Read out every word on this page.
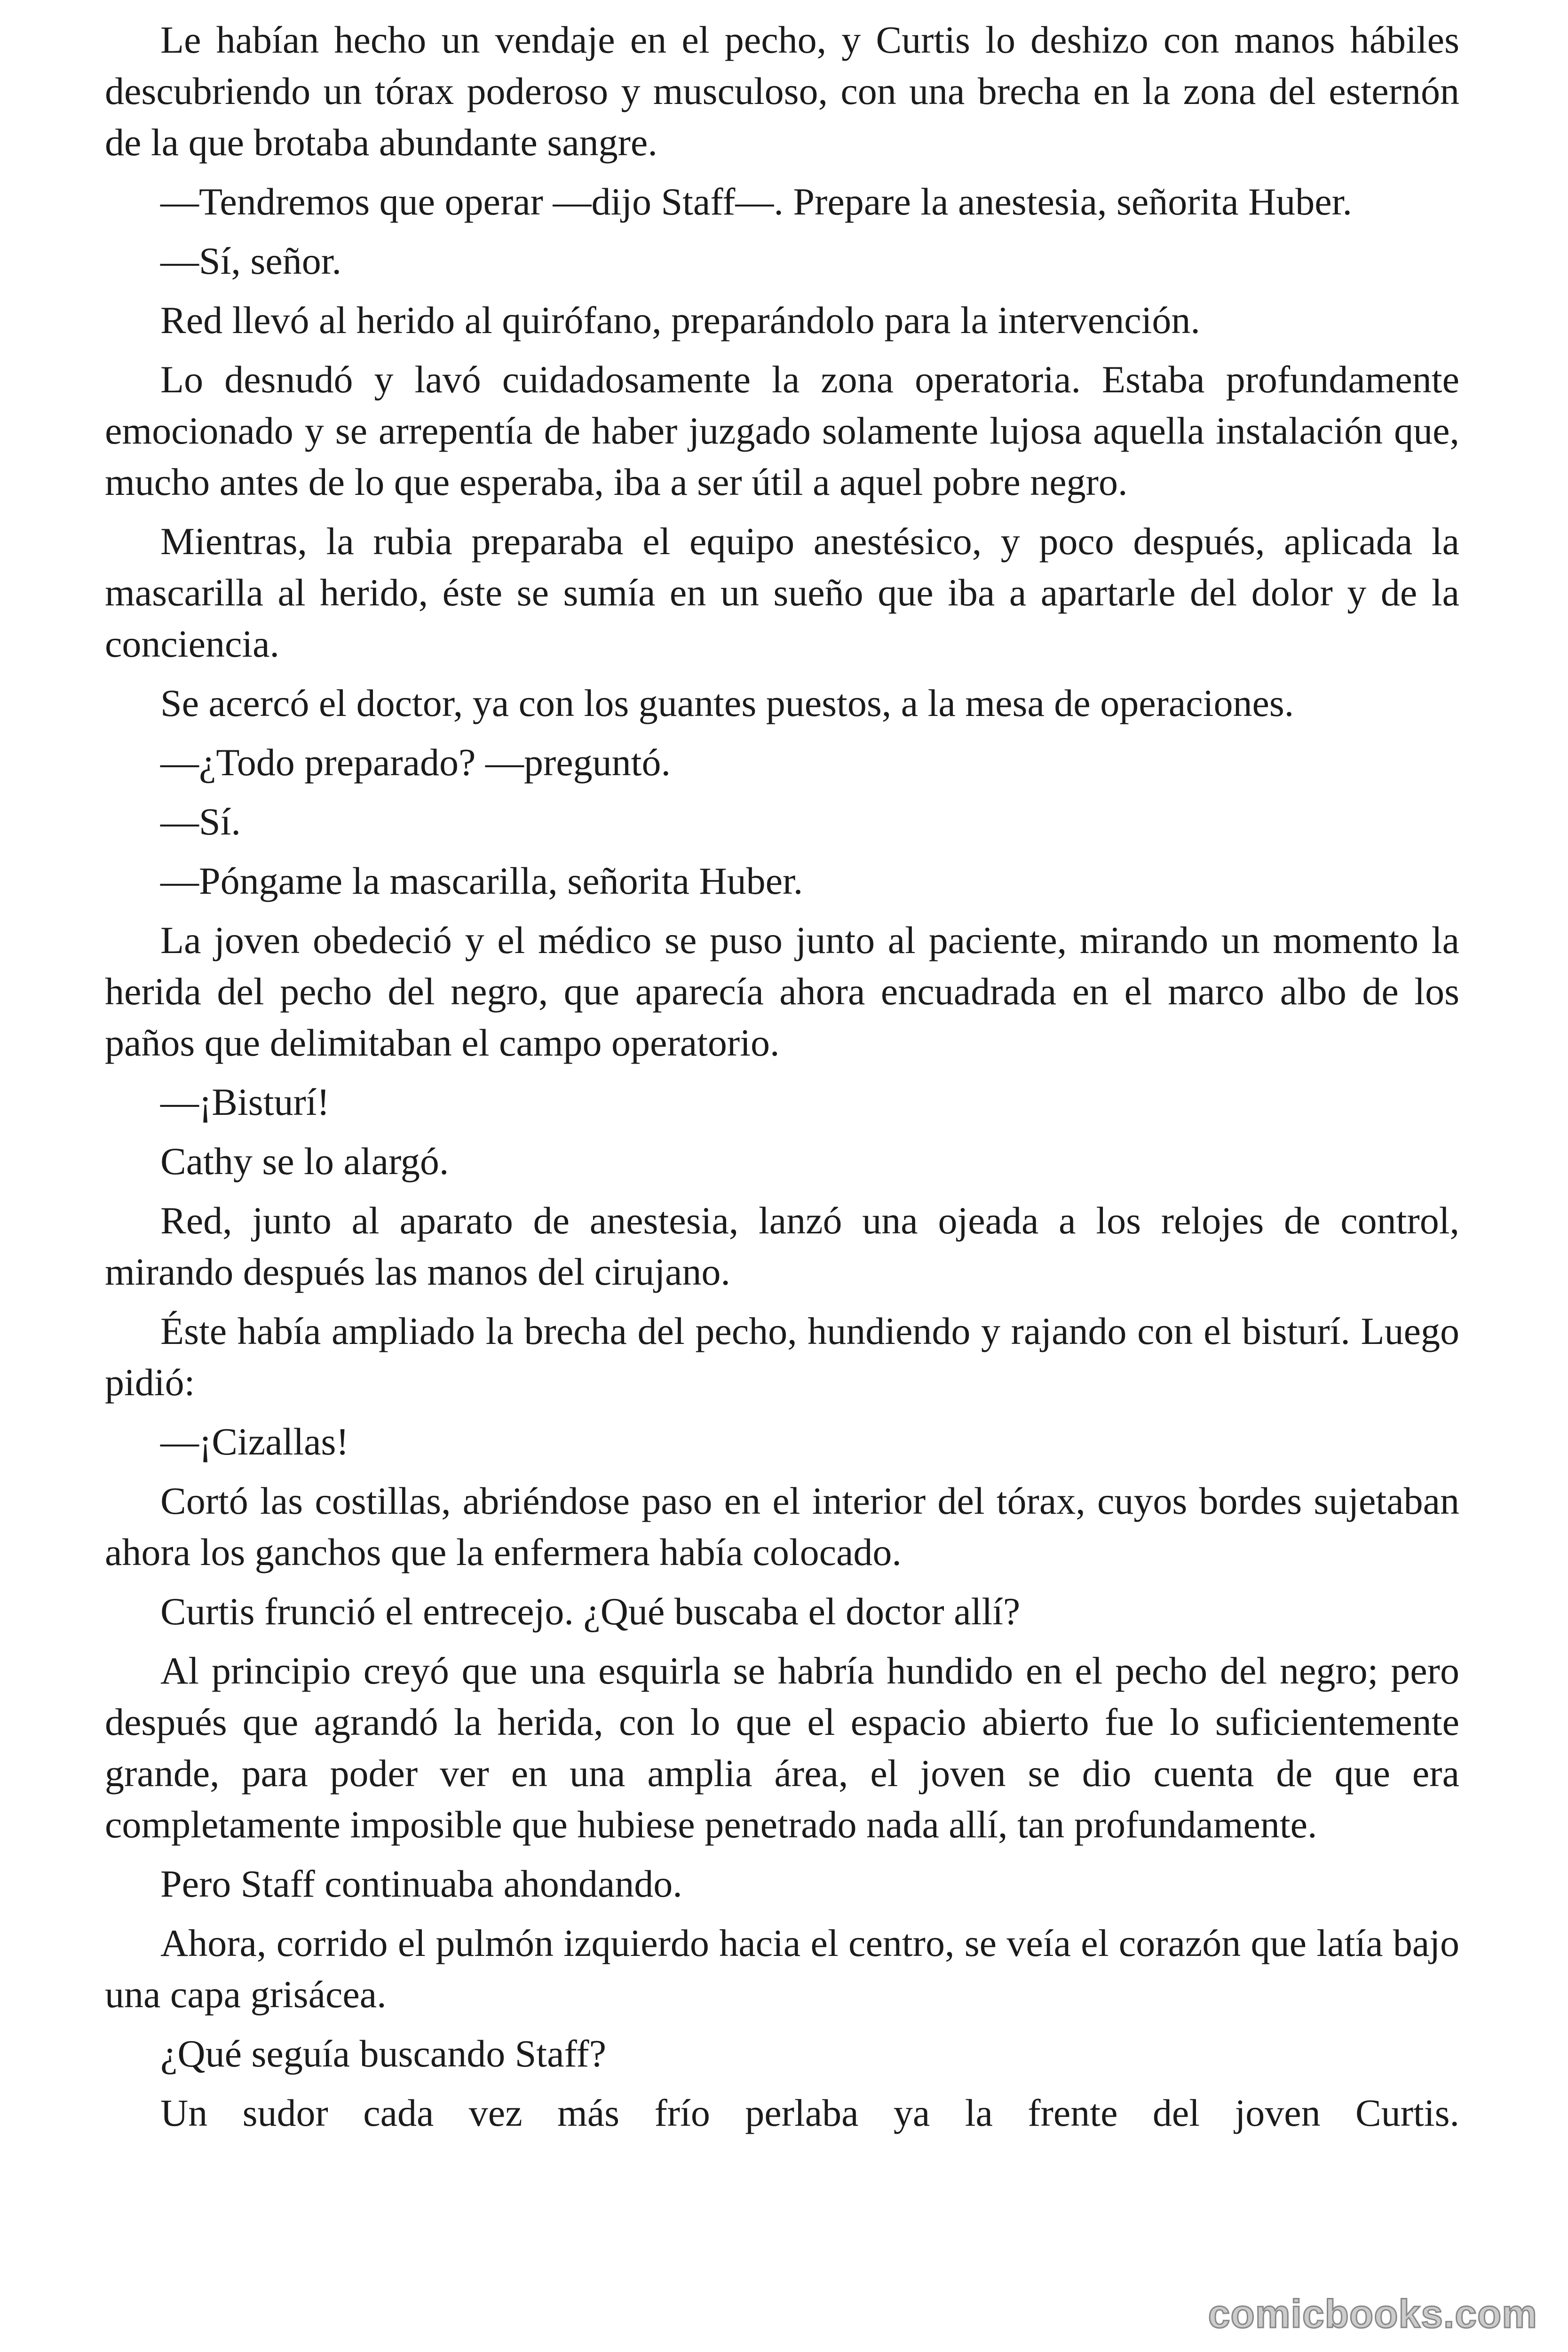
Le habían hecho un vendaje en el pecho, y Curtis lo deshizo con manos hábiles descubriendo un tórax poderoso y musculoso, con una brecha en la zona del esternón de la que brotaba abundante sangre.

—Tendremos que operar —dijo Staff—. Prepare la anestesia, señorita Huber.

—Sí, señor.

Red llevó al herido al quirófano, preparándolo para la intervención.

Lo desnudó y lavó cuidadosamente la zona operatoria. Estaba profundamente emocionado y se arrepentía de haber juzgado solamente lujosa aquella instalación que, mucho antes de lo que esperaba, iba a ser útil a aquel pobre negro.

Mientras, la rubia preparaba el equipo anestésico, y poco después, aplicada la mascarilla al herido, éste se sumía en un sueño que iba a apartarle del dolor y de la conciencia.

Se acercó el doctor, ya con los guantes puestos, a la mesa de operaciones.

—¿Todo preparado? —preguntó.

—Sí.

—Póngame la mascarilla, señorita Huber.

La joven obedeció y el médico se puso junto al paciente, mirando un momento la herida del pecho del negro, que aparecía ahora encuadrada en el marco albo de los paños que delimitaban el campo operatorio.

—¡Bisturí!

Cathy se lo alargó.

Red, junto al aparato de anestesia, lanzó una ojeada a los relojes de control, mirando después las manos del cirujano.

Éste había ampliado la brecha del pecho, hundiendo y rajando con el bisturí. Luego pidió:

—¡Cizallas!

Cortó las costillas, abriéndose paso en el interior del tórax, cuyos bordes sujetaban ahora los ganchos que la enfermera había colocado.

Curtis frunció el entrecejo. ¿Qué buscaba el doctor allí?

Al principio creyó que una esquirla se habría hundido en el pecho del negro; pero después que agrandó la herida, con lo que el espacio abierto fue lo suficientemente grande, para poder ver en una amplia área, el joven se dio cuenta de que era completamente imposible que hubiese penetrado nada allí, tan profundamente.

Pero Staff continuaba ahondando.

Ahora, corrido el pulmón izquierdo hacia el centro, se veía el corazón que latía bajo una capa grisácea.

¿Qué seguía buscando Staff?

Un sudor cada vez más frío perlaba ya la frente del joven Curtis.

comicbooks.com
